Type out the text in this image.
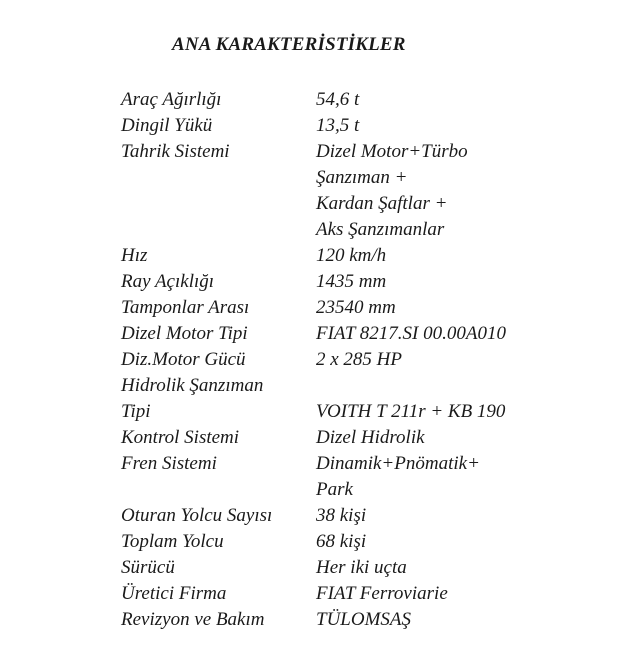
ANA KARAKTERİSTİKLER
Araç Ağırlığı	54,6 t
Dingil Yükü	13,5 t
Tahrik Sistemi	Dizel Motor+Türbo
Şanzıman +
Kardan Şaftlar +
Aks Şanzımanlar
Hız	120 km/h
Ray Açıklığı	1435 mm
Tamponlar Arası	23540 mm
Dizel Motor Tipi	FIAT 8217.SI 00.00A010
Diz.Motor Gücü	2 x 285 HP
Hidrolik Şanzıman
Tipi	VOITH T 211r + KB 190
Kontrol Sistemi	Dizel Hidrolik
Fren Sistemi	Dinamik+Pnömatik+
Park
Oturan Yolcu Sayısı	38 kişi
Toplam Yolcu	68 kişi
Sürücü	Her iki uçta
Üretici Firma	FIAT Ferroviarie
Revizyon ve Bakım	TÜLOMSAŞ
